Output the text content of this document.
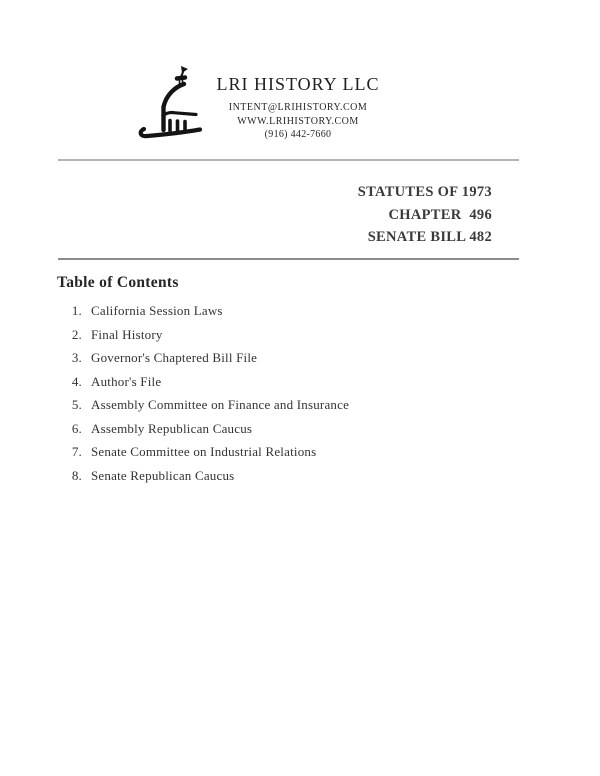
LRI HISTORY LLC
INTENT@LRIHISTORY.COM
WWW.LRIHISTORY.COM
(916) 442-7660
STATUTES OF 1973
CHAPTER  496
SENATE BILL 482
Table of Contents
1. California Session Laws
2. Final History
3. Governor's Chaptered Bill File
4. Author's File
5. Assembly Committee on Finance and Insurance
6. Assembly Republican Caucus
7. Senate Committee on Industrial Relations
8. Senate Republican Caucus
